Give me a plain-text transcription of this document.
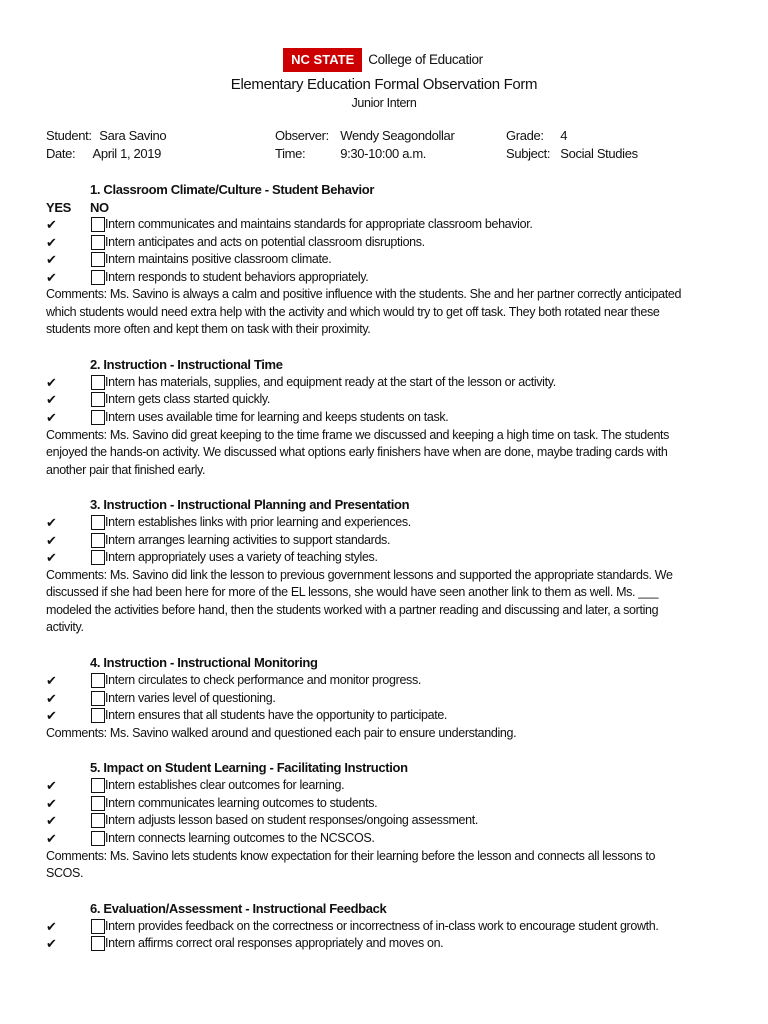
NC STATE	College of Educatior
Elementary Education Formal Observation Form
Junior Intern
Student: Sara Savino	Observer: Wendy Seagondollar	Grade: 4
Date: April 1, 2019	Time:	9:30-10:00 a.m.	Subject: Social Studies
1. Classroom Climate/Culture - Student Behavior
YES NO
✔	Intern communicates and maintains standards for appropriate classroom behavior.
✔	Intern anticipates and acts on potential classroom disruptions.
✔	Intern maintains positive classroom climate.
✔	Intern responds to student behaviors appropriately.
Comments: Ms. Savino is always a calm and positive influence with the students. She and her partner correctly anticipated
which students would need extra help with the activity and which would try to get off task. They both rotated near these
students more often and kept them on task with their proximity.
2. Instruction - Instructional Time
✔	Intern has materials, supplies, and equipment ready at the start of the lesson or activity.
✔	Intern gets class started quickly.
✔	Intern uses available time for learning and keeps students on task.
Comments: Ms. Savino did great keeping to the time frame we discussed and keeping a high time on task. The students
enjoyed the hands-on activity. We discussed what options early finishers have when are done, maybe trading cards with
another pair that finished early.
3. Instruction - Instructional Planning and Presentation
✔	Intern establishes links with prior learning and experiences.
✔	Intern arranges learning activities to support standards.
✔	Intern appropriately uses a variety of teaching styles.
Comments: Ms. Savino did link the lesson to previous government lessons and supported the appropriate standards. We
discussed if she had been here for more of the EL lessons, she would have seen another link to them as well. Ms. ___
modeled the activities before hand, then the students worked with a partner reading and discussing and later, a sorting
activity.
4. Instruction - Instructional Monitoring
✔	Intern circulates to check performance and monitor progress.
✔	Intern varies level of questioning.
✔	Intern ensures that all students have the opportunity to participate.
Comments: Ms. Savino walked around and questioned each pair to ensure understanding.
5. Impact on Student Learning - Facilitating Instruction
✔	Intern establishes clear outcomes for learning.
✔	Intern communicates learning outcomes to students.
✔	Intern adjusts lesson based on student responses/ongoing assessment.
✔	Intern connects learning outcomes to the NCSCOS.
Comments: Ms. Savino lets students know expectation for their learning before the lesson and connects all lessons to
SCOS.
6. Evaluation/Assessment - Instructional Feedback
✔	Intern provides feedback on the correctness or incorrectness of in-class work to encourage student growth.
✔	Intern affirms correct oral responses appropriately and moves on.
